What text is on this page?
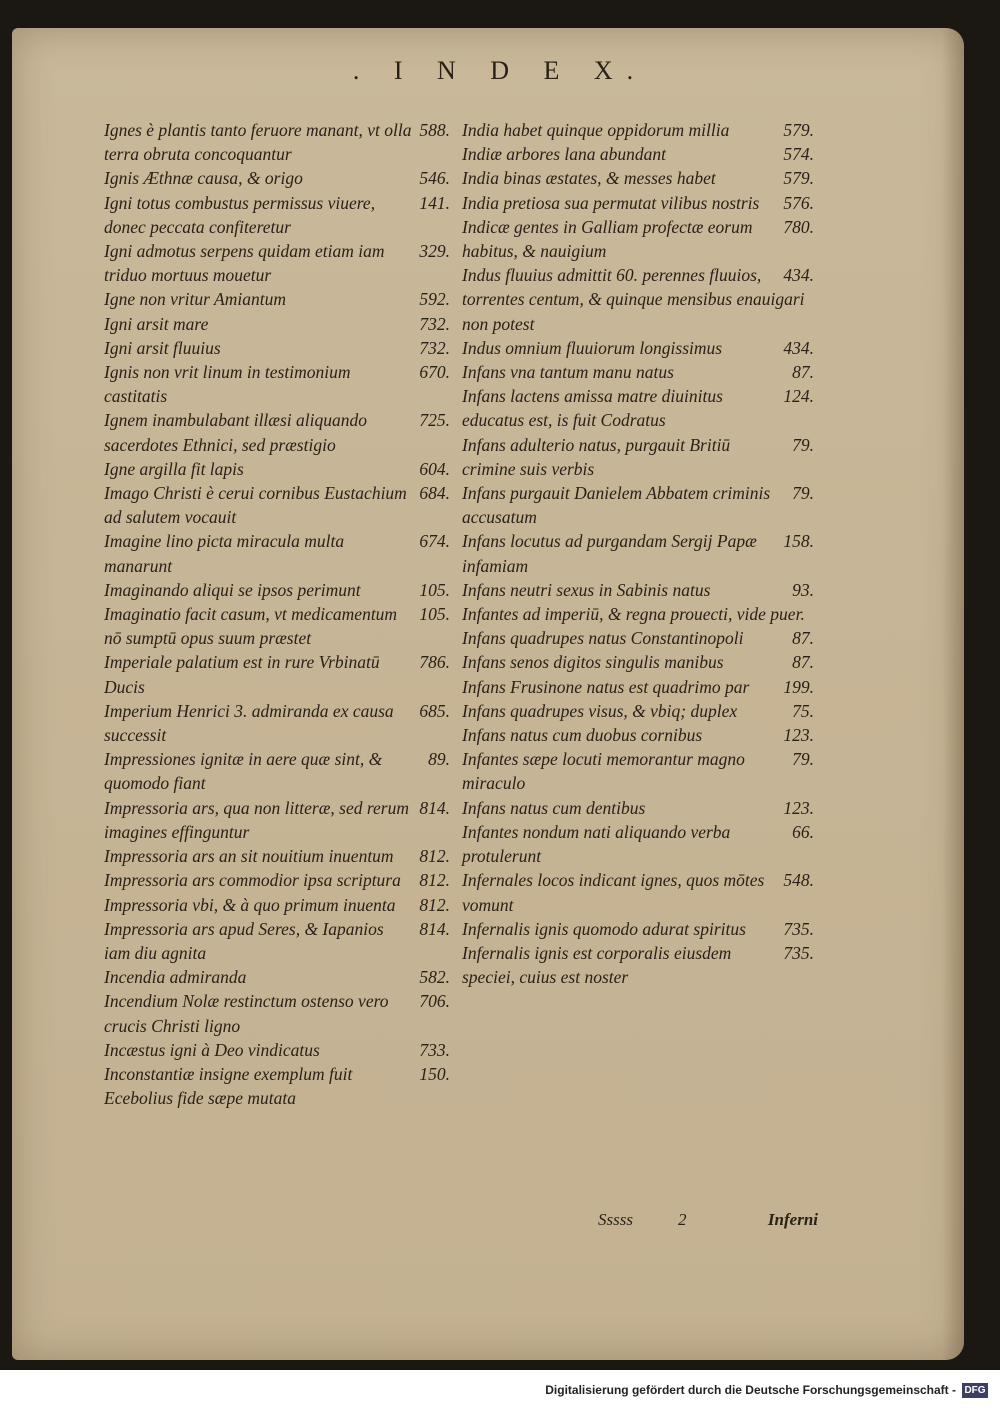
. I N D E X.

588.
Ignes è plantis tanto feruore manant, vt olla terra obruta concoquantur

546.
Ignis Æthnæ causa, & origo

141.
Igni totus combustus permissus viuere, donec peccata confiteretur

329.
Igni admotus serpens quidam etiam iam triduo mortuus mouetur

592.
Igne non vritur Amiantum

732.
Igni arsit mare

732.
Igni arsit fluuius

670.
Ignis non vrit linum in testimonium castitatis

725.
Ignem inambulabant illæsi aliquando sacerdotes Ethnici, sed præstigio

604.
Igne argilla fit lapis

684.
Imago Christi è cerui cornibus Eustachium ad salutem vocauit

674.
Imagine lino picta miracula multa manarunt

105.
Imaginando aliqui se ipsos perimunt

105.
Imaginatio facit casum, vt medicamentum nō sumptū opus suum præstet

786.
Imperiale palatium est in rure Vrbinatū Ducis

685.
Imperium Henrici 3. admiranda ex causa successit

89.
Impressiones ignitæ in aere quæ sint, & quomodo fiant

814.
Impressoria ars, qua non litteræ, sed rerum imagines effinguntur

812.
Impressoria ars an sit nouitium inuentum

812.
Impressoria ars commodior ipsa scriptura

812.
Impressoria vbi, & à quo primum inuenta

814.
Impressoria ars apud Seres, & Iapanios iam diu agnita

582.
Incendia admiranda

706.
Incendium Nolæ restinctum ostenso vero crucis Christi ligno

733.
Incæstus igni à Deo vindicatus

150.
Inconstantiæ insigne exemplum fuit Ecebolius fide sæpe mutata

579.
India habet quinque oppidorum millia

574.
Indiæ arbores lana abundant

579.
India binas æstates, & messes habet

576.
India pretiosa sua permutat vilibus nostris

780.
Indicæ gentes in Galliam profectæ eorum habitus, & nauigium

434.
Indus fluuius admittit 60. perennes fluuios, torrentes centum, & quinque mensibus enauigari non potest

434.
Indus omnium fluuiorum longissimus

87.
Infans vna tantum manu natus

124.
Infans lactens amissa matre diuinitus educatus est, is fuit Codratus

79.
Infans adulterio natus, purgauit Britiū crimine suis verbis

79.
Infans purgauit Danielem Abbatem criminis accusatum

158.
Infans locutus ad purgandam Sergij Papæ infamiam

93.
Infans neutri sexus in Sabinis natus

Infantes ad imperiū, & regna prouecti, vide puer.

87.
Infans quadrupes natus Constantinopoli

87.
Infans senos digitos singulis manibus

199.
Infans Frusinone natus est quadrimo par

75.
Infans quadrupes visus, & vbiq; duplex

123.
Infans natus cum duobus cornibus

79.
Infantes sæpe locuti memorantur magno miraculo

123.
Infans natus cum dentibus

66.
Infantes nondum nati aliquando verba protulerunt

548.
Infernales locos indicant ignes, quos mōtes vomunt

735.
Infernalis ignis quomodo adurat spiritus

735.
Infernalis ignis est corporalis eiusdem speciei, cuius est noster

Sssss	2	Inferni
Digitalisierung gefördert durch die Deutsche Forschungsgemeinschaft - DFG
